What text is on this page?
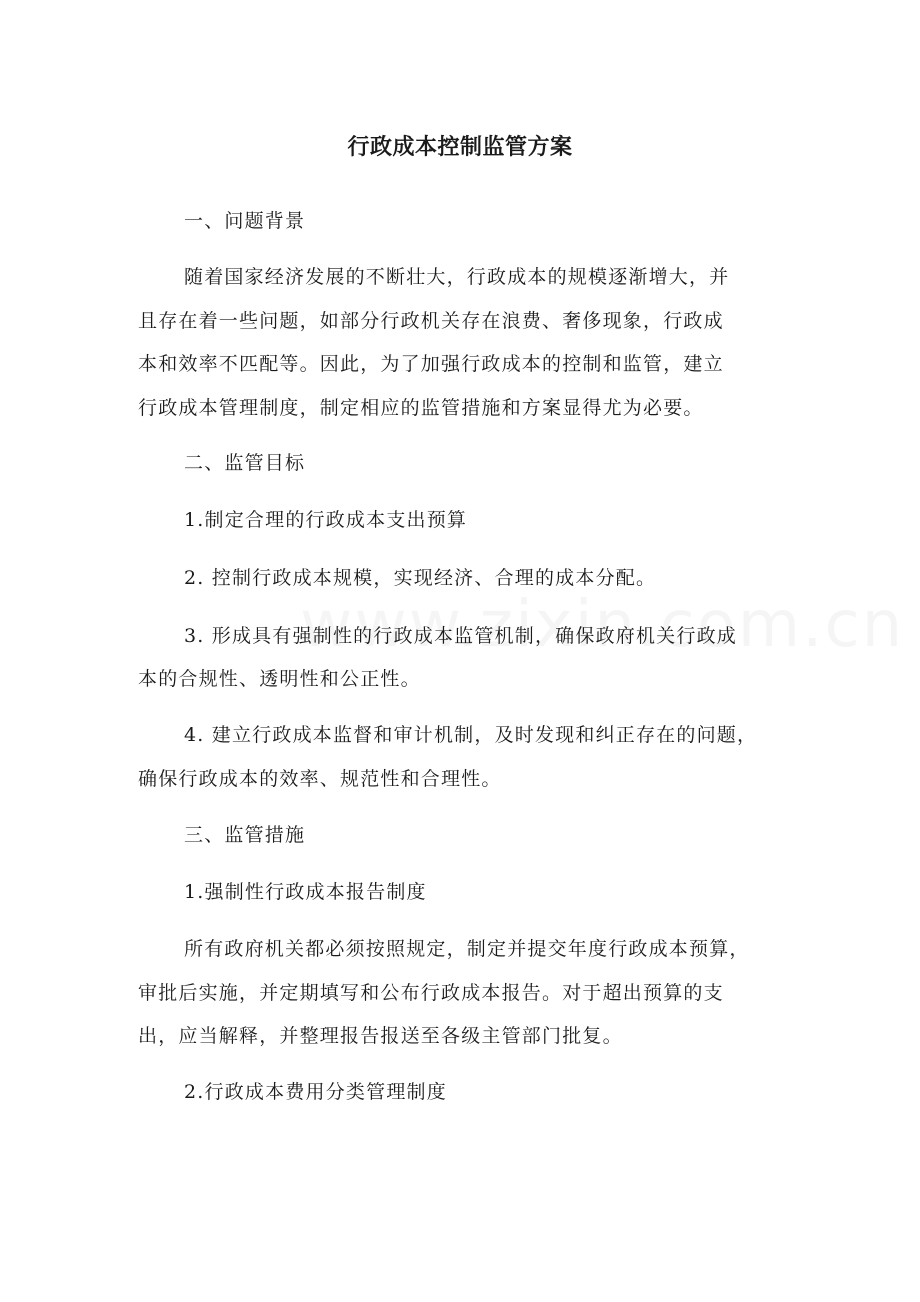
行政成本控制监管方案
一、问题背景
随着国家经济发展的不断壮大，行政成本的规模逐渐增大，并
且存在着一些问题，如部分行政机关存在浪费、奢侈现象，行政成
本和效率不匹配等。因此，为了加强行政成本的控制和监管，建立
行政成本管理制度，制定相应的监管措施和方案显得尤为必要。
二、监管目标
1.制定合理的行政成本支出预算
2. 控制行政成本规模，实现经济、合理的成本分配。
3. 形成具有强制性的行政成本监管机制，确保政府机关行政成
本的合规性、透明性和公正性。
4. 建立行政成本监督和审计机制，及时发现和纠正存在的问题，
确保行政成本的效率、规范性和合理性。
三、监管措施
1.强制性行政成本报告制度
所有政府机关都必须按照规定，制定并提交年度行政成本预算，
审批后实施，并定期填写和公布行政成本报告。对于超出预算的支
出，应当解释，并整理报告报送至各级主管部门批复。
2.行政成本费用分类管理制度
